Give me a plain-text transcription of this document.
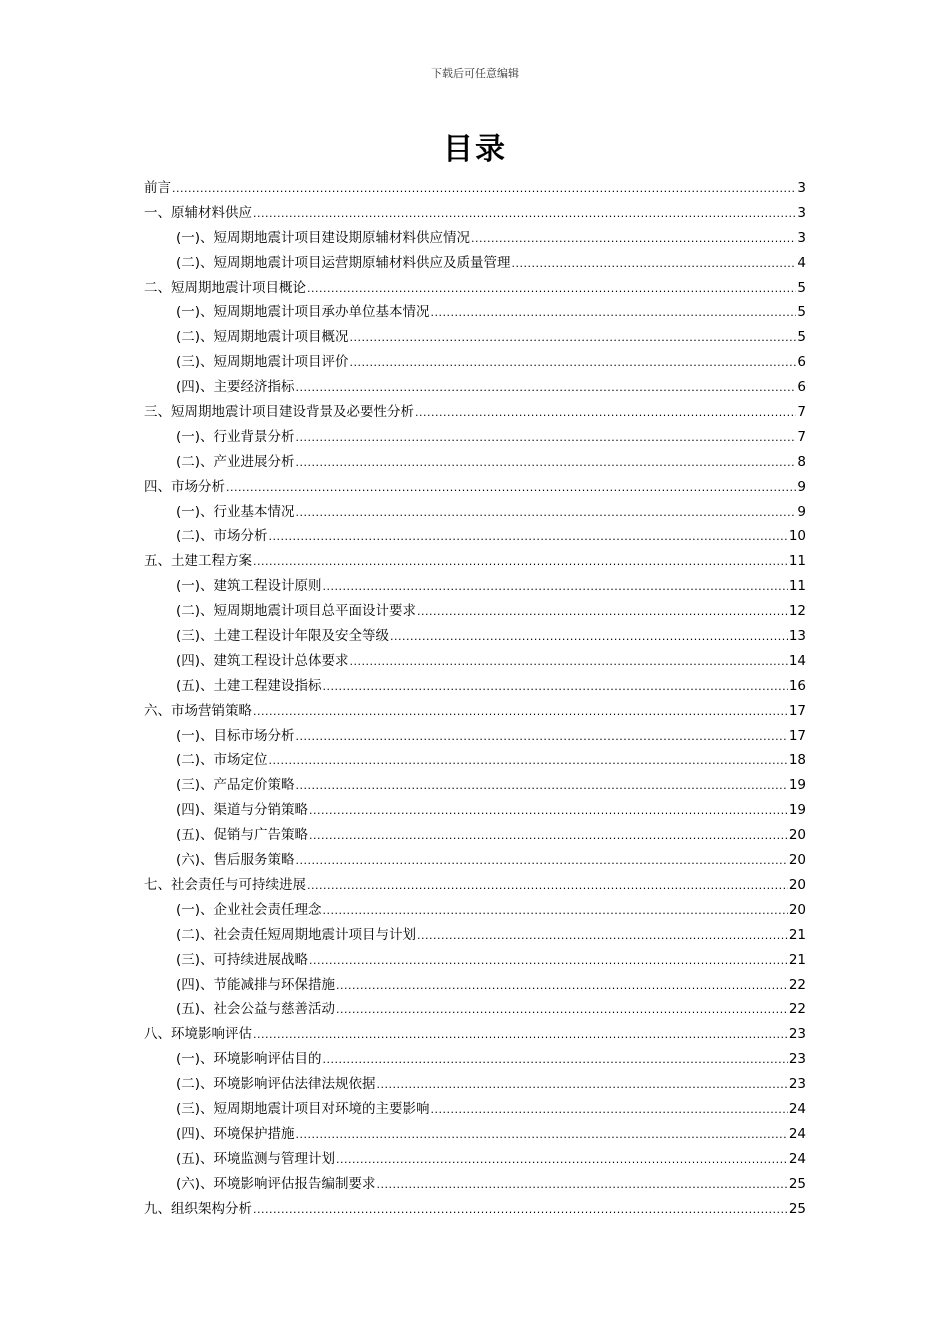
下载后可任意编辑
目录
前言 .....	3
一、原辅材料供应 .....	3
(一)、短周期地震计项目建设期原辅材料供应情况 .....	3
(二)、短周期地震计项目运营期原辅材料供应及质量管理 .....	4
二、短周期地震计项目概论 .....	5
(一)、短周期地震计项目承办单位基本情况 .....	5
(二)、短周期地震计项目概况 .....	5
(三)、短周期地震计项目评价 .....	6
(四)、主要经济指标 .....	6
三、短周期地震计项目建设背景及必要性分析 .....	7
(一)、行业背景分析 .....	7
(二)、产业进展分析 .....	8
四、市场分析 .....	9
(一)、行业基本情况 .....	9
(二)、市场分析 .....	10
五、土建工程方案 .....	11
(一)、建筑工程设计原则 .....	11
(二)、短周期地震计项目总平面设计要求 .....	12
(三)、土建工程设计年限及安全等级 .....	13
(四)、建筑工程设计总体要求 .....	14
(五)、土建工程建设指标 .....	16
六、市场营销策略 .....	17
(一)、目标市场分析 .....	17
(二)、市场定位 .....	18
(三)、产品定价策略 .....	19
(四)、渠道与分销策略 .....	19
(五)、促销与广告策略 .....	20
(六)、售后服务策略 .....	20
七、社会责任与可持续进展 .....	20
(一)、企业社会责任理念 .....	20
(二)、社会责任短周期地震计项目与计划 .....	21
(三)、可持续进展战略 .....	21
(四)、节能减排与环保措施 .....	22
(五)、社会公益与慈善活动 .....	22
八、环境影响评估 .....	23
(一)、环境影响评估目的 .....	23
(二)、环境影响评估法律法规依据 .....	23
(三)、短周期地震计项目对环境的主要影响 .....	24
(四)、环境保护措施 .....	24
(五)、环境监测与管理计划 .....	24
(六)、环境影响评估报告编制要求 .....	25
九、组织架构分析 .....	25
